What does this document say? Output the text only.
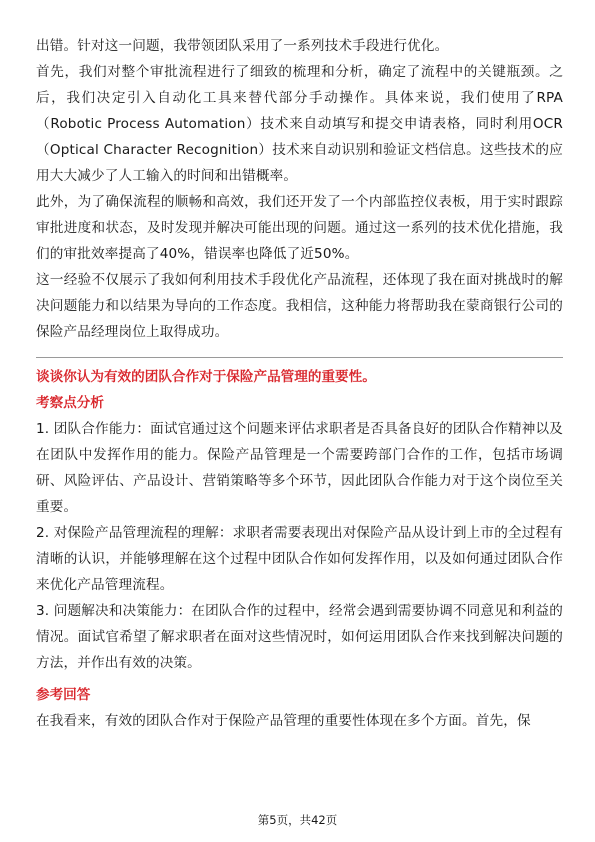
出错。针对这一问题，我带领团队采用了一系列技术手段进行优化。

首先，我们对整个审批流程进行了细致的梳理和分析，确定了流程中的关键瓶颈。之后，我们决定引入自动化工具来替代部分手动操作。具体来说，我们使用了RPA（Robotic Process Automation）技术来自动填写和提交申请表格，同时利用OCR（Optical Character Recognition）技术来自动识别和验证文档信息。这些技术的应用大大减少了人工输入的时间和出错概率。

此外，为了确保流程的顺畅和高效，我们还开发了一个内部监控仪表板，用于实时跟踪审批进度和状态，及时发现并解决可能出现的问题。通过这一系列的技术优化措施，我们的审批效率提高了40%，错误率也降低了近50%。

这一经验不仅展示了我如何利用技术手段优化产品流程，还体现了我在面对挑战时的解决问题能力和以结果为导向的工作态度。我相信，这种能力将帮助我在蒙商银行公司的保险产品经理岗位上取得成功。

谈谈你认为有效的团队合作对于保险产品管理的重要性。

考察点分析

1. 团队合作能力：面试官通过这个问题来评估求职者是否具备良好的团队合作精神以及在团队中发挥作用的能力。保险产品管理是一个需要跨部门合作的工作，包括市场调研、风险评估、产品设计、营销策略等多个环节，因此团队合作能力对于这个岗位至关重要。

2. 对保险产品管理流程的理解：求职者需要表现出对保险产品从设计到上市的全过程有清晰的认识，并能够理解在这个过程中团队合作如何发挥作用，以及如何通过团队合作来优化产品管理流程。

3. 问题解决和决策能力：在团队合作的过程中，经常会遇到需要协调不同意见和利益的情况。面试官希望了解求职者在面对这些情况时，如何运用团队合作来找到解决问题的方法，并作出有效的决策。

参考回答

在我看来，有效的团队合作对于保险产品管理的重要性体现在多个方面。首先，保

第5页，共42页
